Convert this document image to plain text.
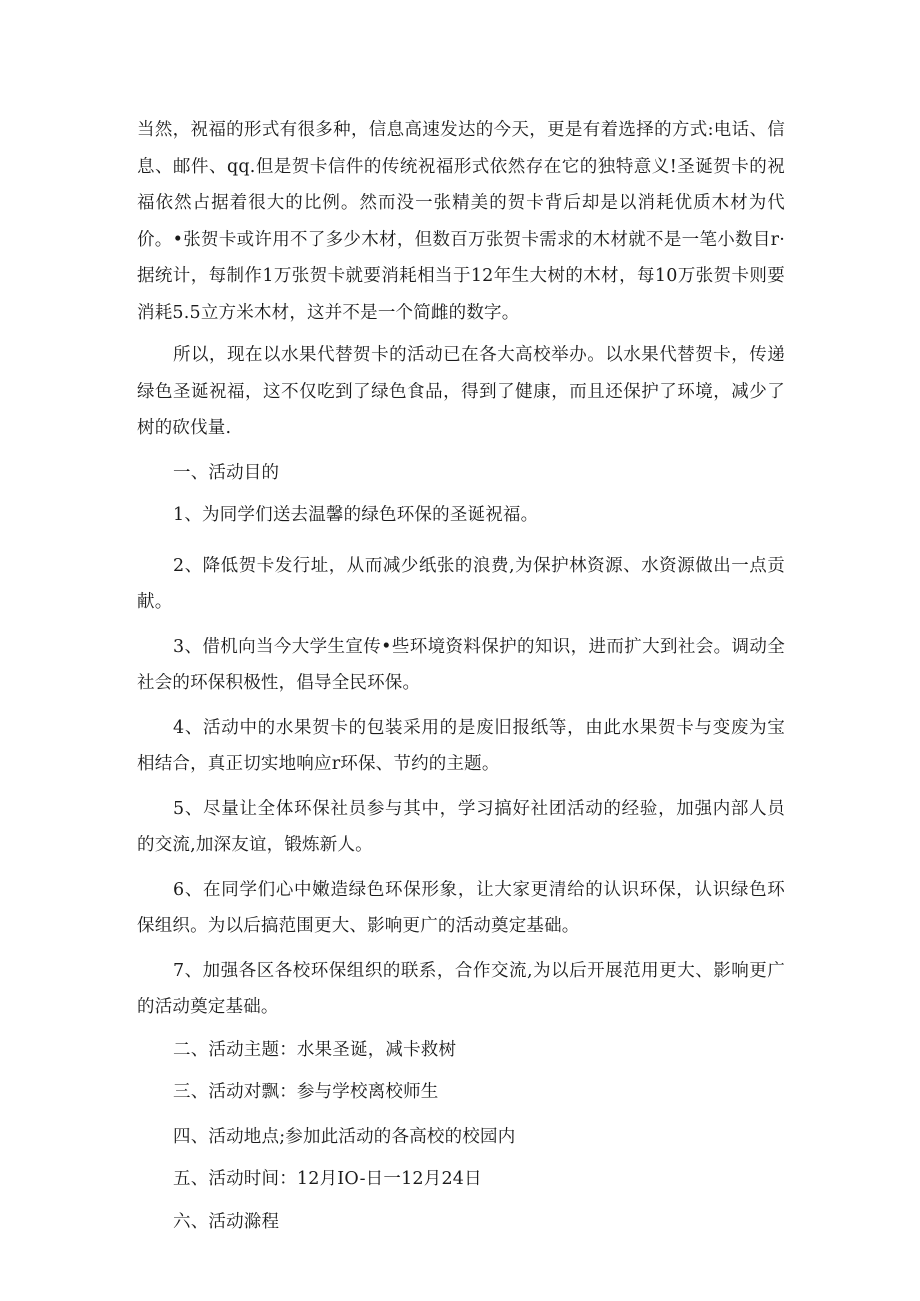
当然，祝福的形式有很多种，信息高速发达的今天，更是有着选择的方式:电话、信息、邮件、qq.但是贺卡信件的传统祝福形式依然存在它的独特意义!圣诞贺卡的祝福依然占据着很大的比例。然而没一张精美的贺卡背后却是以消耗优质木材为代价。•张贺卡或许用不了多少木材，但数百万张贺卡需求的木材就不是一笔小数目r·据统计，每制作1万张贺卡就要消耗相当于12年生大树的木材，每10万张贺卡则要消耗5.5立方米木材，这并不是一个简雌的数字。

所以，现在以水果代替贺卡的活动已在各大高校举办。以水果代替贺卡，传递绿色圣诞祝福，这不仅吃到了绿色食品，得到了健康，而且还保护了环境，减少了树的砍伐量.

一、活动目的

1、为同学们送去温馨的绿色环保的圣诞祝福。

2、降低贺卡发行址，从而减少纸张的浪费,为保护林资源、水资源做出一点贡献。

3、借机向当今大学生宣传•些环境资料保护的知识，进而扩大到社会。调动全社会的环保积极性，倡导全民环保。

4、活动中的水果贺卡的包装采用的是废旧报纸等，由此水果贺卡与变废为宝相结合，真正切实地响应r环保、节约的主题。

5、尽量让全体环保社员参与其中，学习搞好社团活动的经验，加强内部人员的交流,加深友谊，锻炼新人。

6、在同学们心中嫩造绿色环保形象，让大家更清给的认识环保，认识绿色环保组织。为以后搞范围更大、影响更广的活动奠定基础。

7、加强各区各校环保组织的联系，合作交流,为以后开展范用更大、影响更广的活动奠定基础。

二、活动主题：水果圣诞，减卡救树

三、活动对飘：参与学校离校师生

四、活动地点;参加此活动的各高校的校园内

五、活动时间：12月IO-日一12月24日

六、活动滁程
